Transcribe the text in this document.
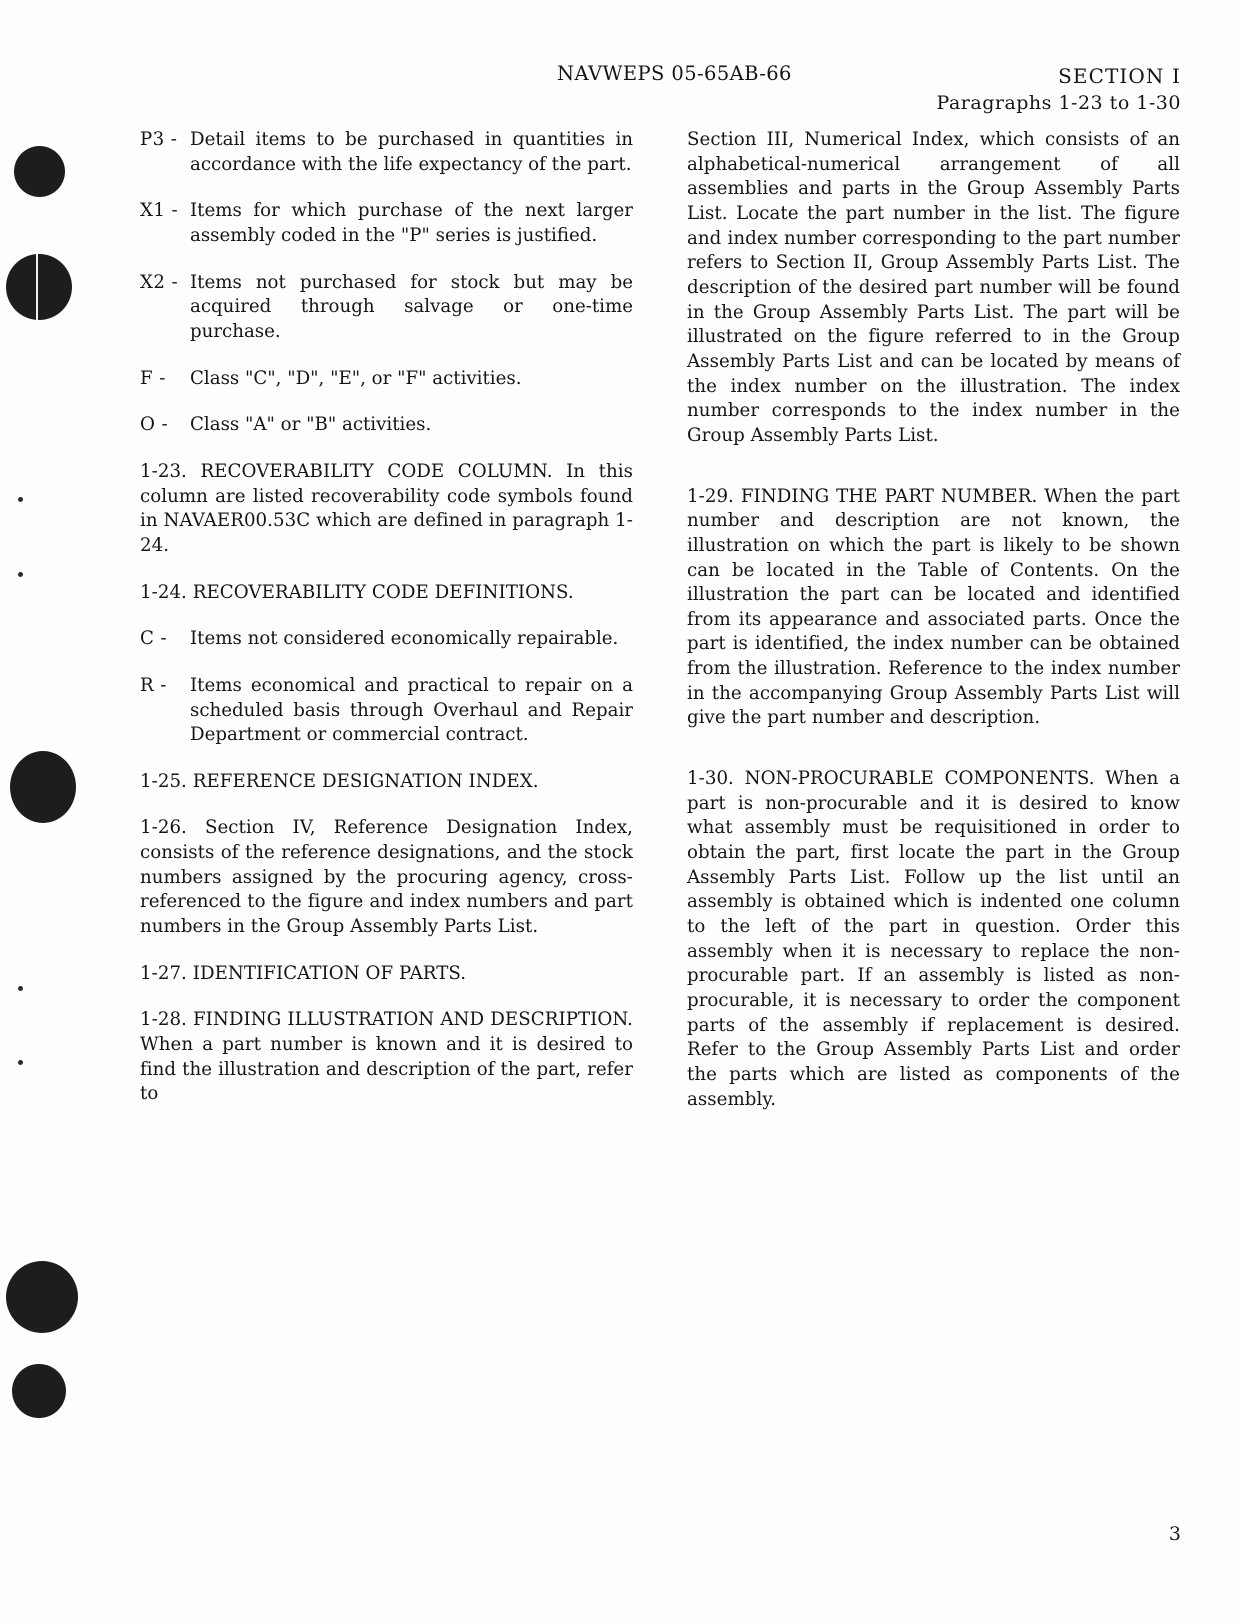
NAVWEPS 05-65AB-66	SECTION I
Paragraphs 1-23 to 1-30
P3 - Detail items to be purchased in quantities in accordance with the life expectancy of the part.
X1 - Items for which purchase of the next larger assembly coded in the "P" series is justified.
X2 - Items not purchased for stock but may be acquired through salvage or one-time purchase.
F -	Class "C", "D", "E", or "F" activities.
O -	Class "A" or "B" activities.

1-23. RECOVERABILITY CODE COLUMN. In this column are listed recoverability code symbols found in NAVAER00.53C which are defined in paragraph 1-24.

1-24. RECOVERABILITY CODE DEFINITIONS.

C -	Items not considered economically repairable.
R -	Items economical and practical to repair on a scheduled basis through Overhaul and Repair Department or commercial contract.

1-25. REFERENCE DESIGNATION INDEX.

1-26. Section IV, Reference Designation Index, consists of the reference designations, and the stock numbers assigned by the procuring agency, cross-referenced to the figure and index numbers and part numbers in the Group Assembly Parts List.

1-27. IDENTIFICATION OF PARTS.

1-28. FINDING ILLUSTRATION AND DESCRIPTION. When a part number is known and it is desired to find the illustration and description of the part, refer to

Section III, Numerical Index, which consists of an alphabetical-numerical arrangement of all assemblies and parts in the Group Assembly Parts List. Locate the part number in the list. The figure and index number corresponding to the part number refers to Section II, Group Assembly Parts List. The description of the desired part number will be found in the Group Assembly Parts List. The part will be illustrated on the figure referred to in the Group Assembly Parts List and can be located by means of the index number on the illustration. The index number corresponds to the index number in the Group Assembly Parts List.

1-29. FINDING THE PART NUMBER. When the part number and description are not known, the illustration on which the part is likely to be shown can be located in the Table of Contents. On the illustration the part can be located and identified from its appearance and associated parts. Once the part is identified, the index number can be obtained from the illustration. Reference to the index number in the accompanying Group Assembly Parts List will give the part number and description.

1-30. NON-PROCURABLE COMPONENTS. When a part is non-procurable and it is desired to know what assembly must be requisitioned in order to obtain the part, first locate the part in the Group Assembly Parts List. Follow up the list until an assembly is obtained which is indented one column to the left of the part in question. Order this assembly when it is necessary to replace the non-procurable part. If an assembly is listed as non-procurable, it is necessary to order the component parts of the assembly if replacement is desired. Refer to the Group Assembly Parts List and order the parts which are listed as components of the assembly.

3
